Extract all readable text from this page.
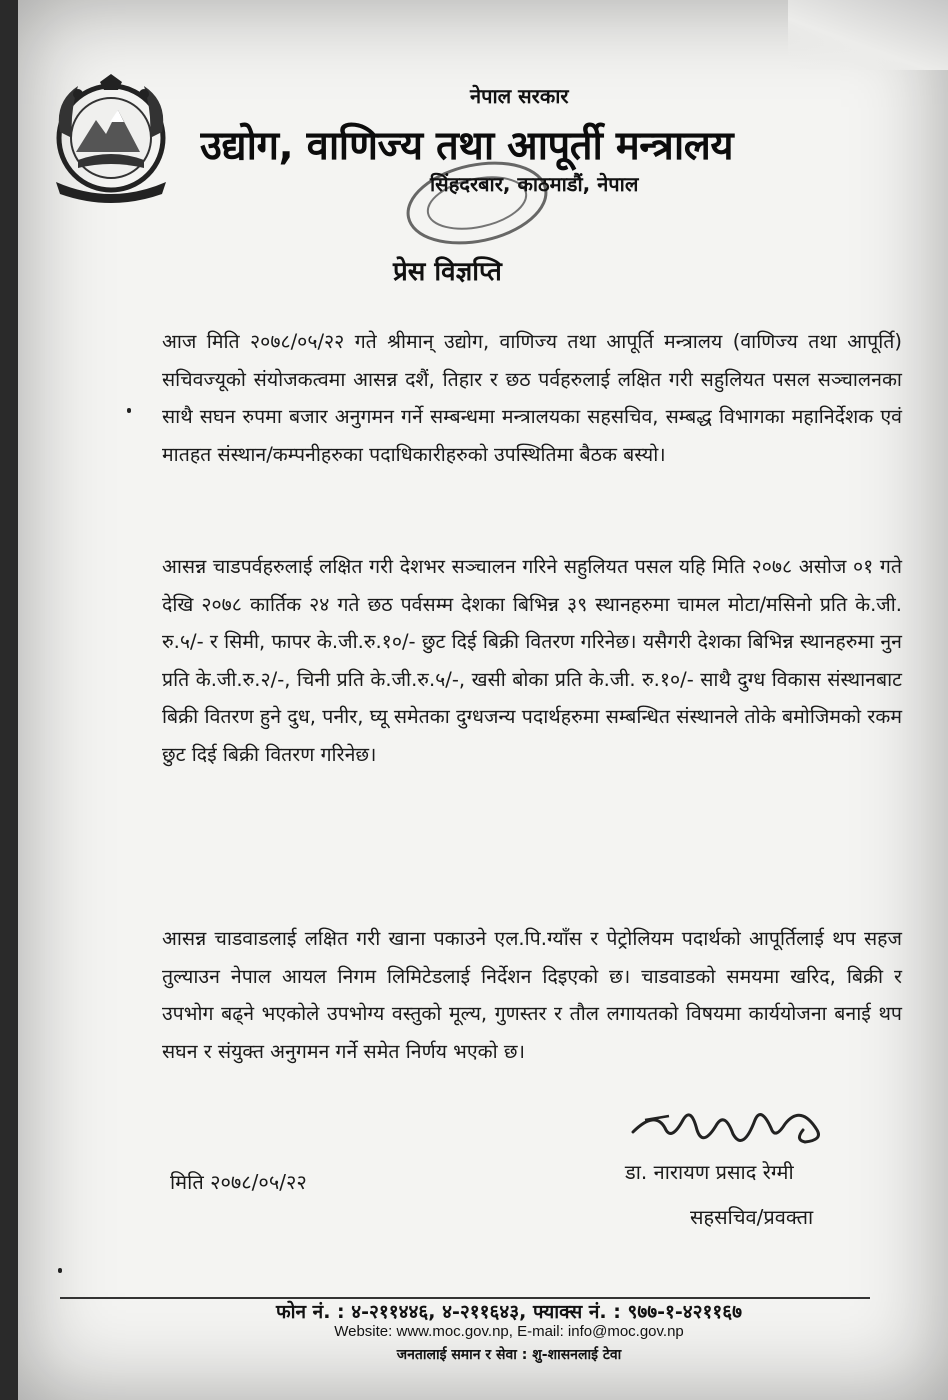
नेपाल सरकार
उद्योग, वाणिज्य तथा आपूर्ती मन्त्रालय
सिंहदरबार, काठमाडौं, नेपाल
प्रेस विज्ञप्ति
आज मिति २०७८/०५/२२ गते श्रीमान् उद्योग, वाणिज्य तथा आपूर्ति मन्त्रालय (वाणिज्य तथा आपूर्ति) सचिवज्यूको संयोजकत्वमा आसन्न दशैं, तिहार र छठ पर्वहरुलाई लक्षित गरी सहुलियत पसल सञ्चालनका साथै सघन रुपमा बजार अनुगमन गर्ने सम्बन्धमा मन्त्रालयका सहसचिव, सम्बद्ध विभागका महानिर्देशक एवं मातहत संस्थान/कम्पनीहरुका पदाधिकारीहरुको उपस्थितिमा बैठक बस्यो।
आसन्न चाडपर्वहरुलाई लक्षित गरी देशभर सञ्चालन गरिने सहुलियत पसल यहि मिति २०७८ असोज ०१ गते देखि २०७८ कार्तिक २४ गते छठ पर्वसम्म देशका बिभिन्न ३९ स्थानहरुमा चामल मोटा/मसिनो प्रति के.जी. रु.५/- र सिमी, फापर के.जी.रु.१०/- छुट दिई बिक्री वितरण गरिनेछ। यसैगरी देशका बिभिन्न स्थानहरुमा नुन प्रति के.जी.रु.२/-, चिनी प्रति के.जी.रु.५/-, खसी बोका प्रति के.जी. रु.१०/- साथै दुग्ध विकास संस्थानबाट बिक्री वितरण हुने दुध, पनीर, घ्यू समेतका दुग्धजन्य पदार्थहरुमा सम्बन्धित संस्थानले तोके बमोजिमको रकम छुट दिई बिक्री वितरण गरिनेछ।
आसन्न चाडवाडलाई लक्षित गरी खाना पकाउने एल.पि.ग्याँस र पेट्रोलियम पदार्थको आपूर्तिलाई थप सहज तुल्याउन नेपाल आयल निगम लिमिटेडलाई निर्देशन दिइएको छ। चाडवाडको समयमा खरिद, बिक्री र उपभोग बढ्ने भएकोले उपभोग्य वस्तुको मूल्य, गुणस्तर र तौल लगायतको विषयमा कार्ययोजना बनाई थप सघन र संयुक्त अनुगमन गर्ने समेत निर्णय भएको छ।
डा. नारायण प्रसाद रेग्मी
सहसचिव/प्रवक्ता
मिति २०७८/०५/२२
फोन नं. : ४-२११४४६, ४-२११६४३, फ्याक्स नं. : ९७७-१-४२११६७
Website: www.moc.gov.np, E-mail: info@moc.gov.np
जनतालाई समान र सेवा : शु-शासनलाई टेवा
